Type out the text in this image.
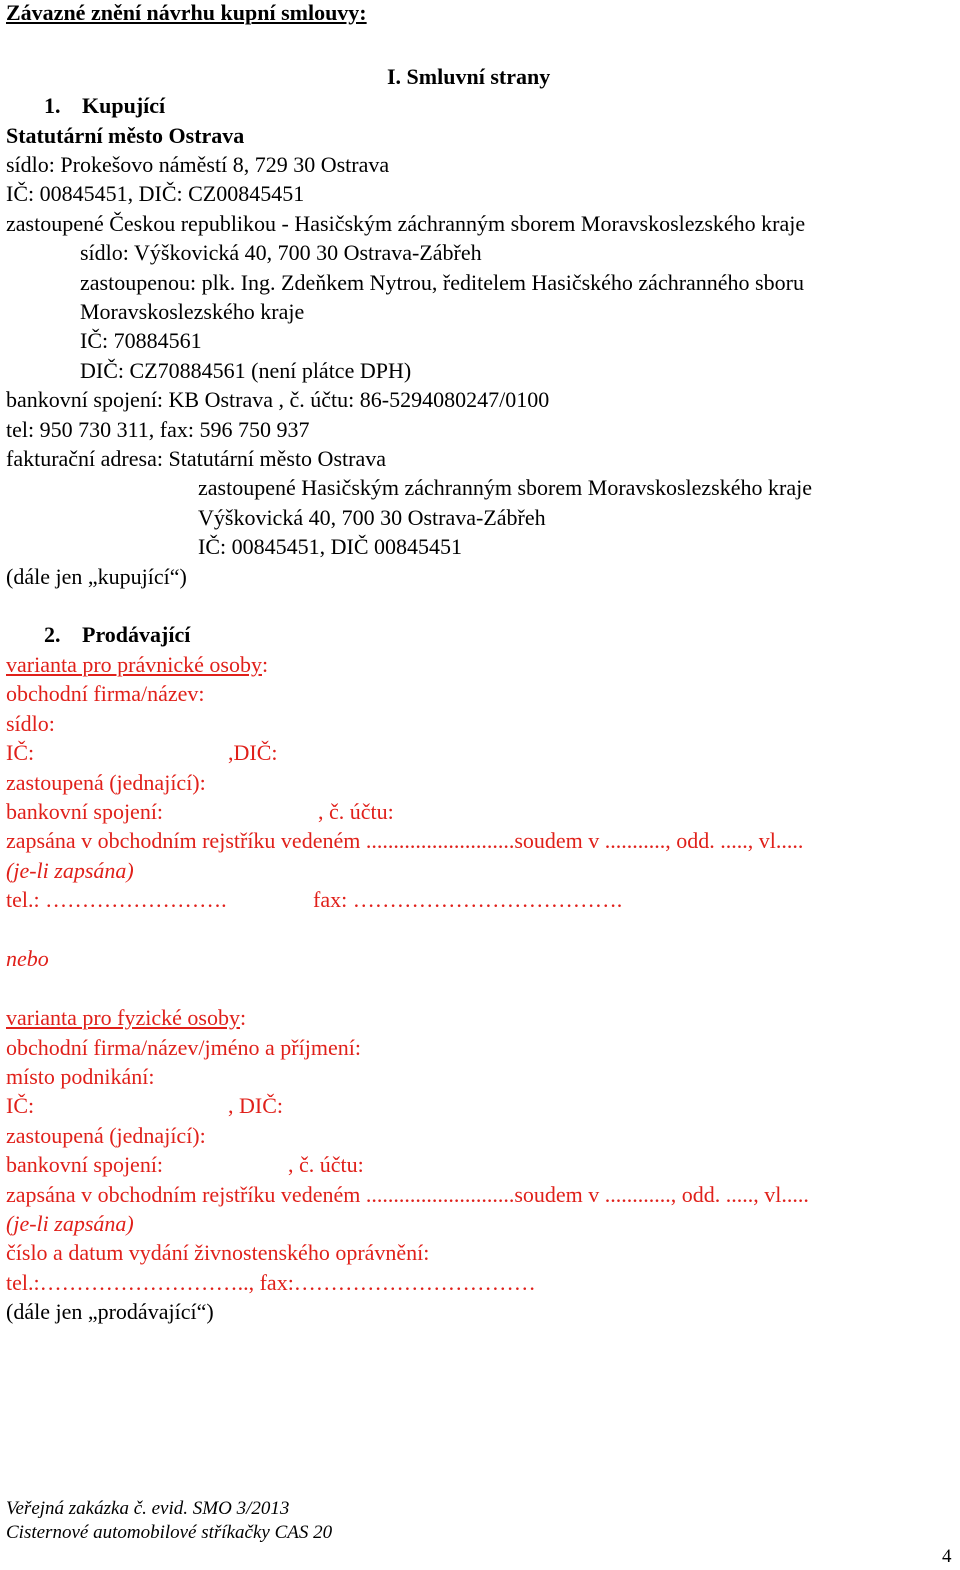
Závazné znění návrhu kupní smlouvy:
I. Smluvní strany
1. Kupující
Statutární město Ostrava
sídlo: Prokešovo náměstí 8, 729 30 Ostrava
IČ: 00845451, DIČ: CZ00845451
zastoupené Českou republikou - Hasičským záchranným sborem Moravskoslezského kraje
sídlo: Výškovická 40, 700 30 Ostrava-Zábřeh
zastoupenou: plk. Ing. Zdeňkem Nytrou, ředitelem Hasičského záchranného sboru
Moravskoslezského kraje
IČ: 70884561
DIČ: CZ70884561 (není plátce DPH)
bankovní spojení: KB Ostrava , č. účtu: 86-5294080247/0100
tel: 950 730 311, fax: 596 750 937
fakturační adresa: Statutární město Ostrava
zastoupené Hasičským záchranným sborem Moravskoslezského kraje
Výškovická 40, 700 30 Ostrava-Zábřeh
IČ: 00845451, DIČ 00845451
(dále jen „kupující“)
2. Prodávající
varianta pro právnické osoby:
obchodní firma/název:
sídlo:
IČ:	,DIČ:
zastoupená (jednající):
bankovní spojení:	, č. účtu:
zapsána v obchodním rejstříku vedeném ...........................soudem v ..........., odd. ....., vl.....
(je-li zapsána)
tel.: …………………….	fax: ……………………………….
nebo
varianta pro fyzické osoby:
obchodní firma/název/jméno a příjmení:
místo podnikání:
IČ:	, DIČ:
zastoupená (jednající):
bankovní spojení:	, č. účtu:
zapsána v obchodním rejstříku vedeném ...........................soudem v ............, odd. ....., vl.....
(je-li zapsána)
číslo a datum vydání živnostenského oprávnění:
tel.:……………………….., fax:……………………………
(dále jen „prodávající“)
Veřejná zakázka č. evid. SMO 3/2013
Cisternové automobilové stříkačky CAS 20
4
